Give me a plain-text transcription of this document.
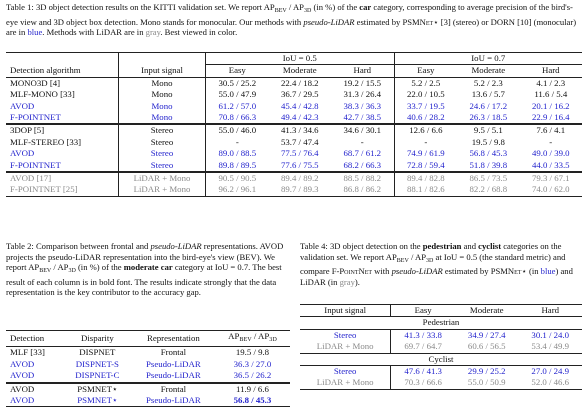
Table 1: 3D object detection results on the KITTI validation set. We report $AP_{BEV} / AP_{3D}$ (in %) of the car category, corresponding to average precision of the bird's-eye view and 3D object box detection. Mono stands for monocular. Our methods with pseudo-LiDAR estimated by PSMNet⋆ [3] (stereo) or DORN [10] (monocular) are in blue. Methods with LiDAR are in gray. Best viewed in color.

		IoU = 0.5			IoU = 0.7		
Detection algorithm	Input signal	Easy	Moderate	Hard	Easy	Moderate	Hard
MONO3D [4]	Mono	30.5 / 25.2	22.4 / 18.2	19.2 / 15.5	5.2 / 2.5	5.2 / 2.3	4.1 / 2.3
MLF-MONO [33]	Mono	55.0 / 47.9	36.7 / 29.5	31.3 / 26.4	22.0 / 10.5	13.6 / 5.7	11.6 / 5.4
AVOD	Mono	61.2 / 57.0	45.4 / 42.8	38.3 / 36.3	33.7 / 19.5	24.6 / 17.2	20.1 / 16.2
F-POINTNET	Mono	70.8 / 66.3	49.4 / 42.3	42.7 / 38.5	40.6 / 28.2	26.3 / 18.5	22.9 / 16.4
3DOP [5]	Stereo	55.0 / 46.0	41.3 / 34.6	34.6 / 30.1	12.6 / 6.6	9.5 / 5.1	7.6 / 4.1
MLF-STEREO [33]	Stereo	-	53.7 / 47.4	-	-	19.5 / 9.8	-
AVOD	Stereo	89.0 / 88.5	77.5 / 76.4	68.7 / 61.2	74.9 / 61.9	56.8 / 45.3	49.0 / 39.0
F-POINTNET	Stereo	89.8 / 89.5	77.6 / 75.5	68.2 / 66.3	72.8 / 59.4	51.8 / 39.8	44.0 / 33.5
AVOD [17]	LiDAR + Mono	90.5 / 90.5	89.4 / 89.2	88.5 / 88.2	89.4 / 82.8	86.5 / 73.5	79.3 / 67.1
F-POINTNET [25]	LiDAR + Mono	96.2 / 96.1	89.7 / 89.3	86.8 / 86.2	88.1 / 82.6	82.2 / 68.8	74.0 / 62.0

Table 2: Comparison between frontal and pseudo-LiDAR representations. AVOD projects the pseudo-LiDAR representation into the bird-eye's view (BEV). We report $AP_{BEV} / AP_{3D}$ (in %) of the moderate car category at IoU = 0.7. The best result of each column is in bold font. The results indicate strongly that the data representation is the key contributor to the accuracy gap.

Detection	Disparity	Representation	$AP_{BEV} / AP_{3D}$
MLF [33]	DISPNET	Frontal	19.5 / 9.8
AVOD	DISPNET-S	Pseudo-LiDAR	36.3 / 27.0
AVOD	DISPNET-C	Pseudo-LiDAR	36.5 / 26.2
AVOD	PSMNET⋆	Frontal	11.9 / 6.6
AVOD	PSMNET⋆	Pseudo-LiDAR	56.8 / 45.3

Table 4: 3D object detection on the pedestrian and cyclist categories on the validation set. We report $AP_{BEV} / AP_{3D}$ at IoU = 0.5 (the standard metric) and compare F-PointNet with pseudo-LiDAR estimated by PSMNet⋆ (in blue) and LiDAR (in gray).

Input signal	Easy	Moderate	Hard
Pedestrian			
Stereo	41.3 / 33.8	34.9 / 27.4	30.1 / 24.0
LiDAR + Mono	69.7 / 64.7	60.6 / 56.5	53.4 / 49.9
Cyclist			
Stereo	47.6 / 41.3	29.9 / 25.2	27.0 / 24.9
LiDAR + Mono	70.3 / 66.6	55.0 / 50.9	52.0 / 46.6
